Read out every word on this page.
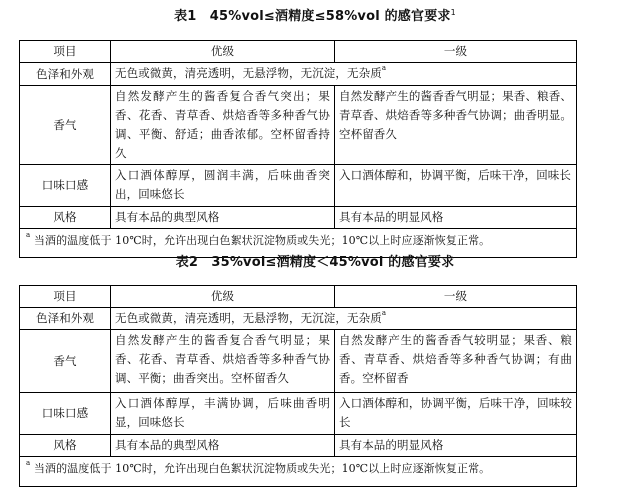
表1　45%vol≤酒精度≤58%vol 的感官要求$^1$
项目	优级	一级
色泽和外观	无色或微黄，清亮透明，无悬浮物，无沉淀，无杂质$^a$
香气	自然发酵产生的酱香复合香气突出；果香、花香、青草香、烘焙香等多种香气协调、平衡、舒适；曲香浓郁。空杯留香持久	自然发酵产生的酱香香气明显；果香、粮香、青草香、烘焙香等多种香气协调；曲香明显。空杯留香久
口味口感	入口酒体醇厚，圆润丰满，后味曲香突出，回味悠长	入口酒体醇和，协调平衡，后味干净，回味长
风格	具有本品的典型风格	具有本品的明显风格
$^a$ 当酒的温度低于 10℃时，允许出现白色絮状沉淀物质或失光；10℃以上时应逐渐恢复正常。		
表2　35%vol≤酒精度＜45%vol 的感官要求
项目	优级	一级
色泽和外观	无色或微黄，清亮透明，无悬浮物，无沉淀，无杂质$^a$
香气	自然发酵产生的酱香复合香气明显；果香、花香、青草香、烘焙香等多种香气协调、平衡；曲香突出。空杯留香久	自然发酵产生的酱香香气较明显；果香、粮香、青草香、烘焙香等多种香气协调；有曲香。空杯留香
口味口感	入口酒体醇厚，丰满协调，后味曲香明显，回味悠长	入口酒体醇和，协调平衡，后味干净，回味较长
风格	具有本品的典型风格	具有本品的明显风格
$^a$ 当酒的温度低于 10℃时，允许出现白色絮状沉淀物质或失光；10℃以上时应逐渐恢复正常。		
